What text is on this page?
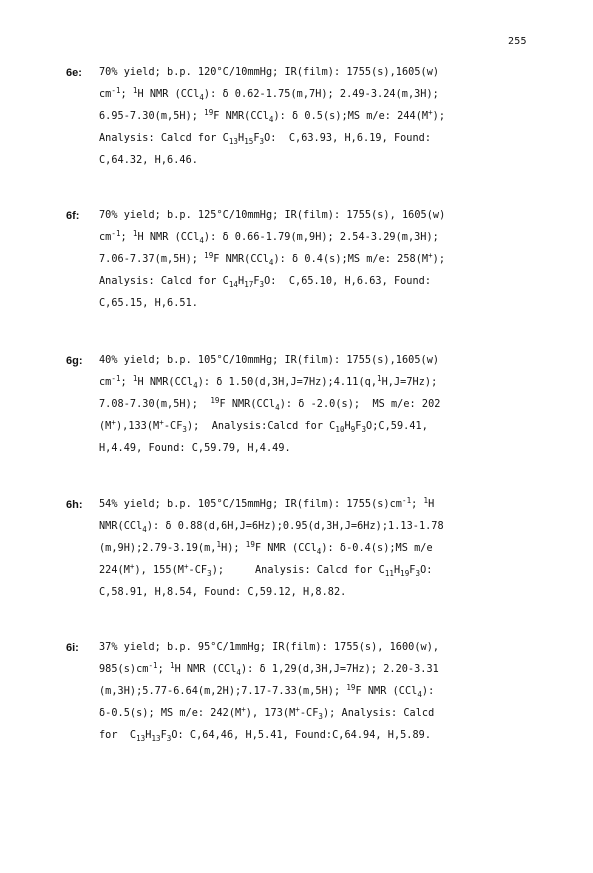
255
6e: 70% yield; b.p. 120°C/10mmHg; IR(film): 1755(s),1605(w)
$cm^{-1}$; $^1$H NMR (CCl$_4$): δ 0.62-1.75(m,7H); 2.49-3.24(m,3H);
6.95-7.30(m,5H); $^{19}$F NMR(CCl$_4$): δ 0.5(s);MS m/e: 244(M+);
Analysis: Calcd for $C_{13}H_{15}F_3O$:  C,63.93, H,6.19, Found:
C,64.32, H,6.46.
6f: 70% yield; b.p. 125°C/10mmHg; IR(film): 1755(s), 1605(w)
$cm^{-1}$; $^1$H NMR (CCl$_4$): δ 0.66-1.79(m,9H); 2.54-3.29(m,3H);
7.06-7.37(m,5H); $^{19}$F NMR(CCl$_4$): δ 0.4(s);MS m/e: 258(M+);
Analysis: Calcd for $C_{14}H_{17}F_3O$:  C,65.10, H,6.63, Found:
C,65.15, H,6.51.
6g: 40% yield; b.p. 105°C/10mmHg; IR(film): 1755(s),1605(w)
$cm^{-1}$; $^1$H NMR(CCl$_4$): δ 1.50(d,3H,J=7Hz);4.11(q,$^1$H,J=7Hz);
7.08-7.30(m,5H);  $^{19}$F NMR(CCl$_4$): δ -2.0(s);  MS m/e: 202
$(M^+),133(M^+-CF_3)$;  Analysis:Calcd for $C_{10}H_9F_3O;C,59.41$,
H,4.49, Found: C,59.79, H,4.49.
6h: 54% yield; b.p. 105°C/15mmHg; IR(film): $1755(s)cm^{-1}$; $^1$H
NMR(CCl$_4$): δ 0.88(d,6H,J=6Hz);0.95(d,3H,J=6Hz);1.13-1.78
(m,9H);2.79-3.19(m,$^1$H); $^{19}$F NMR (CCl$_4$): δ-0.4(s);MS m/e
224(M+), $155(M^+-CF_3)$;     Analysis: Calcd for $C_{11}H_{19}F_3O$:
C,58.91, H,8.54, Found: C,59.12, H,8.82.
6i: 37% yield; b.p. 95°C/1mmHg; IR(film): 1755(s), 1600(w),
$985(s)cm^{-1}$; $^1$H NMR (CCl$_4$): δ 1,29(d,3H,J=7Hz); 2.20-3.31
(m,3H);5.77-6.64(m,2H);7.17-7.33(m,5H); $^{19}$F NMR (CCl$_4$):
δ-0.5(s); MS m/e: 242(M+), $173(M^+-CF_3)$; Analysis: Calcd
for  $C_{13}H_{13}F_3O$: C,64,46, H,5.41, Found:C,64.94, H,5.89.
